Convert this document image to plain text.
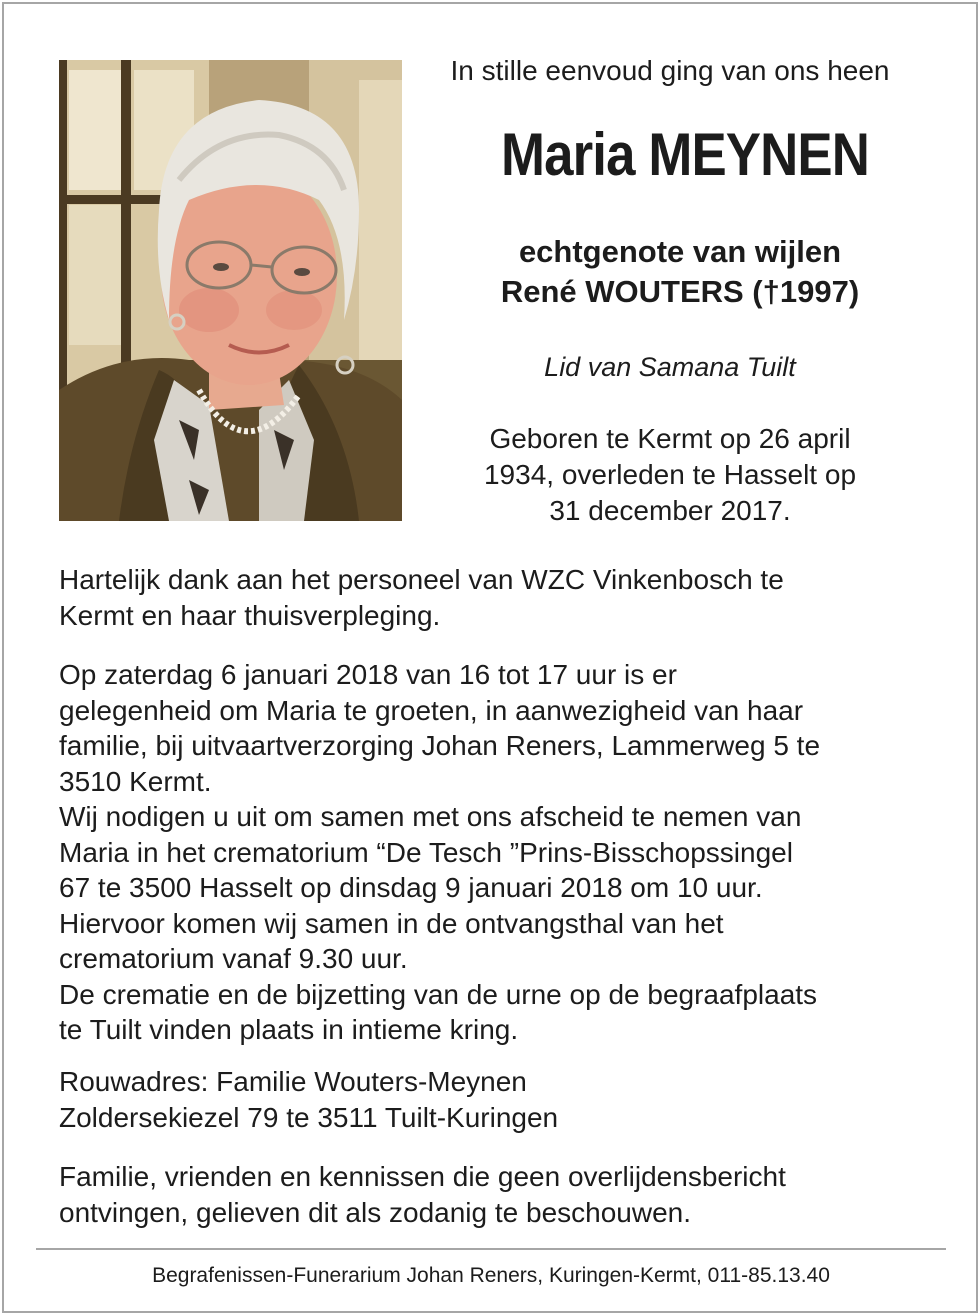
In stille eenvoud ging van ons heen
Maria MEYNEN
echtgenote van wijlen
René WOUTERS (†1997)
Lid van Samana Tuilt
Geboren te Kermt op 26 april
1934, overleden te Hasselt op
31 december 2017.
Hartelijk dank aan het personeel van WZC Vinkenbosch te
Kermt en haar thuisverpleging.
Op zaterdag 6 januari 2018 van 16 tot 17 uur is er
gelegenheid om Maria te groeten, in aanwezigheid van haar
familie, bij uitvaartverzorging Johan Reners, Lammerweg 5 te
3510 Kermt.
Wij nodigen u uit om samen met ons afscheid te nemen van
Maria in het crematorium “De Tesch ”Prins-Bisschopssingel
67 te 3500 Hasselt op dinsdag 9 januari 2018 om 10 uur.
Hiervoor komen wij samen in de ontvangsthal van het
crematorium vanaf 9.30 uur.
De crematie en de bijzetting van de urne op de begraafplaats
te Tuilt vinden plaats in intieme kring.
Rouwadres: Familie Wouters-Meynen
Zoldersekiezel 79 te 3511 Tuilt-Kuringen
Familie, vrienden en kennissen die geen overlijdensbericht
ontvingen, gelieven dit als zodanig te beschouwen.
Begrafenissen-Funerarium Johan Reners, Kuringen-Kermt, 011-85.13.40
